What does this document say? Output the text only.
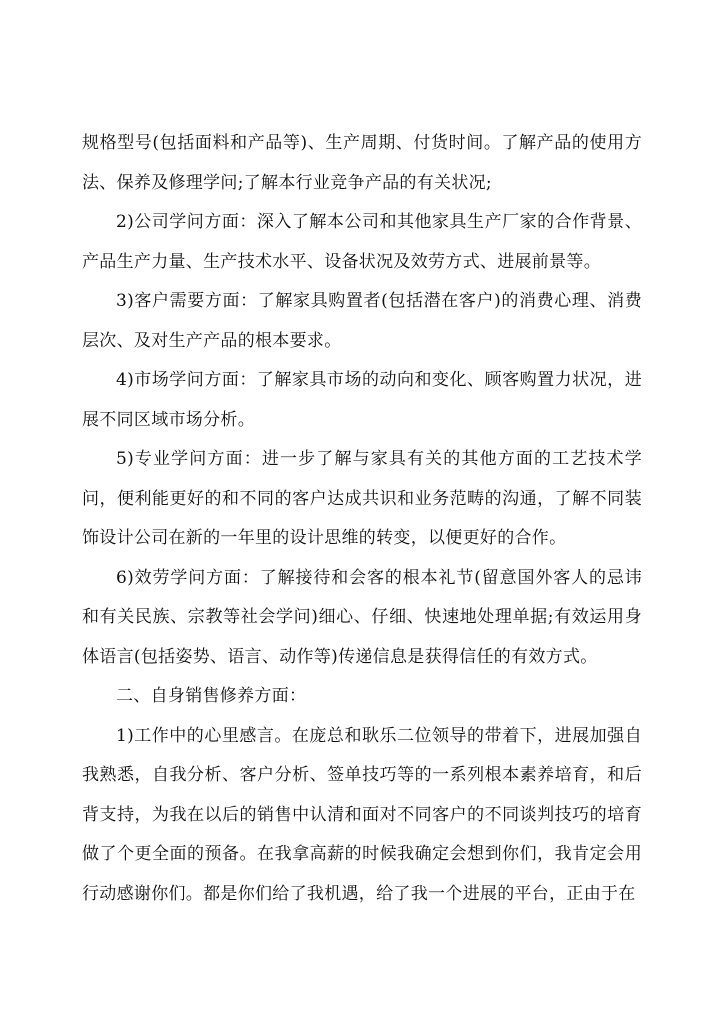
规格型号(包括面料和产品等)、生产周期、付货时间。了解产品的使用方法、保养及修理学问;了解本行业竞争产品的有关状况;

2)公司学问方面：深入了解本公司和其他家具生产厂家的合作背景、产品生产力量、生产技术水平、设备状况及效劳方式、进展前景等。

3)客户需要方面：了解家具购置者(包括潜在客户)的消费心理、消费层次、及对生产产品的根本要求。

4)市场学问方面：了解家具市场的动向和变化、顾客购置力状况，进展不同区域市场分析。

5)专业学问方面：进一步了解与家具有关的其他方面的工艺技术学问，便利能更好的和不同的客户达成共识和业务范畴的沟通，了解不同装饰设计公司在新的一年里的设计思维的转变，以便更好的合作。

6)效劳学问方面：了解接待和会客的根本礼节(留意国外客人的忌讳和有关民族、宗教等社会学问)细心、仔细、快速地处理单据;有效运用身体语言(包括姿势、语言、动作等)传递信息是获得信任的有效方式。

二、自身销售修养方面：

1)工作中的心里感言。在庞总和耿乐二位领导的带着下，进展加强自我熟悉，自我分析、客户分析、签单技巧等的一系列根本素养培育，和后背支持，为我在以后的销售中认清和面对不同客户的不同谈判技巧的培育做了个更全面的预备。在我拿高薪的时候我确定会想到你们，我肯定会用行动感谢你们。都是你们给了我机遇，给了我一个进展的平台，正由于在
